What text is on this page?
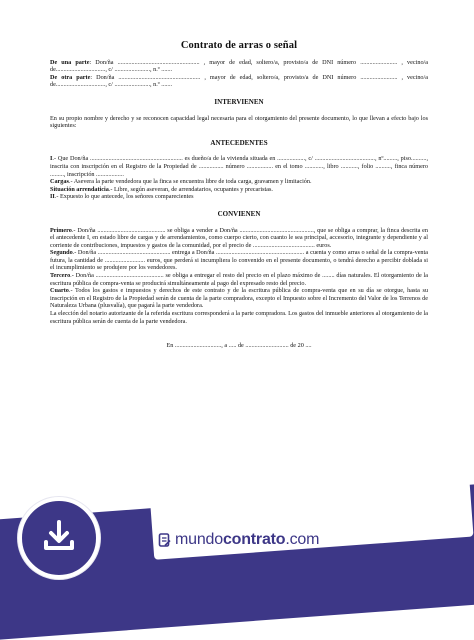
Contrato de arras o señal

De una parte: Don/ña ..................................................... , mayor de edad, soltero/a, provisto/a de DNI número ........................ , vecino/a de................................, c/ ......................., n.º .......

De otra parte: Don/ña ..................................................... , mayor de edad, soltero/a, provisto/a de DNI número ........................ , vecino/a de................................, c/ ......................., n.º .......

INTERVIENEN

En su propio nombre y derecho y se reconocen capacidad legal necesaria para el otorgamiento del presente documento, lo que llevan a efecto bajo los siguientes:

ANTECEDENTES

I.- Que Don/ña ............................................................ es dueño/a de la vivienda situada en .................., c/ ......................................., nº........., piso.........., inscrita con inscripción en el Registro de la Propiedad de ................ número ................. en el tomo ............, libro ..........., folio .........., finca número ........., inscripción ..................

Cargas.- Asevera la parte vendedora que la finca se encuentra libre de toda carga, gravamen y limitación.

Situación arrendaticia.- Libre, según aseveran, de arrendatarios, ocupantes y precaristas.

II.- Expuesto lo que antecede, los señores comparecientes

CONVIENEN

Primero.- Don/ña ............................................ se obliga a vender a Don/ña ................................................, que se obliga a comprar, la finca descrita en el antecedente I, en estado libre de cargas y de arrendamientos, como cuerpo cierto, con cuanto le sea principal, accesorio, integrante y dependiente y al corriente de contribuciones, impuestos y gastos de la comunidad, por el precio de ........................................ euros.

Segundo.- Don/ña ............................................... entrega a Don/ña ......................................................... a cuenta y como arras o señal de la compra-venta futura, la cantidad de .......................... euros, que perderá si incumpliera lo convenido en el presente documento, o tendrá derecho a percibir doblada si el incumplimiento se produjere por los vendedores.

Tercero.- Don/ña ............................................ se obliga a entregar el resto del precio en el plazo máximo de ........ días naturales. El otorgamiento de la escritura pública de compra-venta se producirá simultáneamente al pago del expresado resto del precio.

Cuarto.- Todos los gastos e impuestos y derechos de este contrato y de la escritura pública de compra-venta que en su día se otorgue, hasta su inscripción en el Registro de la Propiedad serán de cuenta de la parte compradora, excepto el Impuesto sobre el Incremento del Valor de los Terrenos de Naturaleza Urbana (plusvalía), que pagará la parte vendedora.

La elección del notario autorizante de la referida escritura corresponderá a la parte compradora. Los gastos del inmueble anteriores al otorgamiento de la escritura pública serán de cuenta de la parte vendedora.

En .............................., a ..... de ............................ de 20 ....

mundocontrato.com
